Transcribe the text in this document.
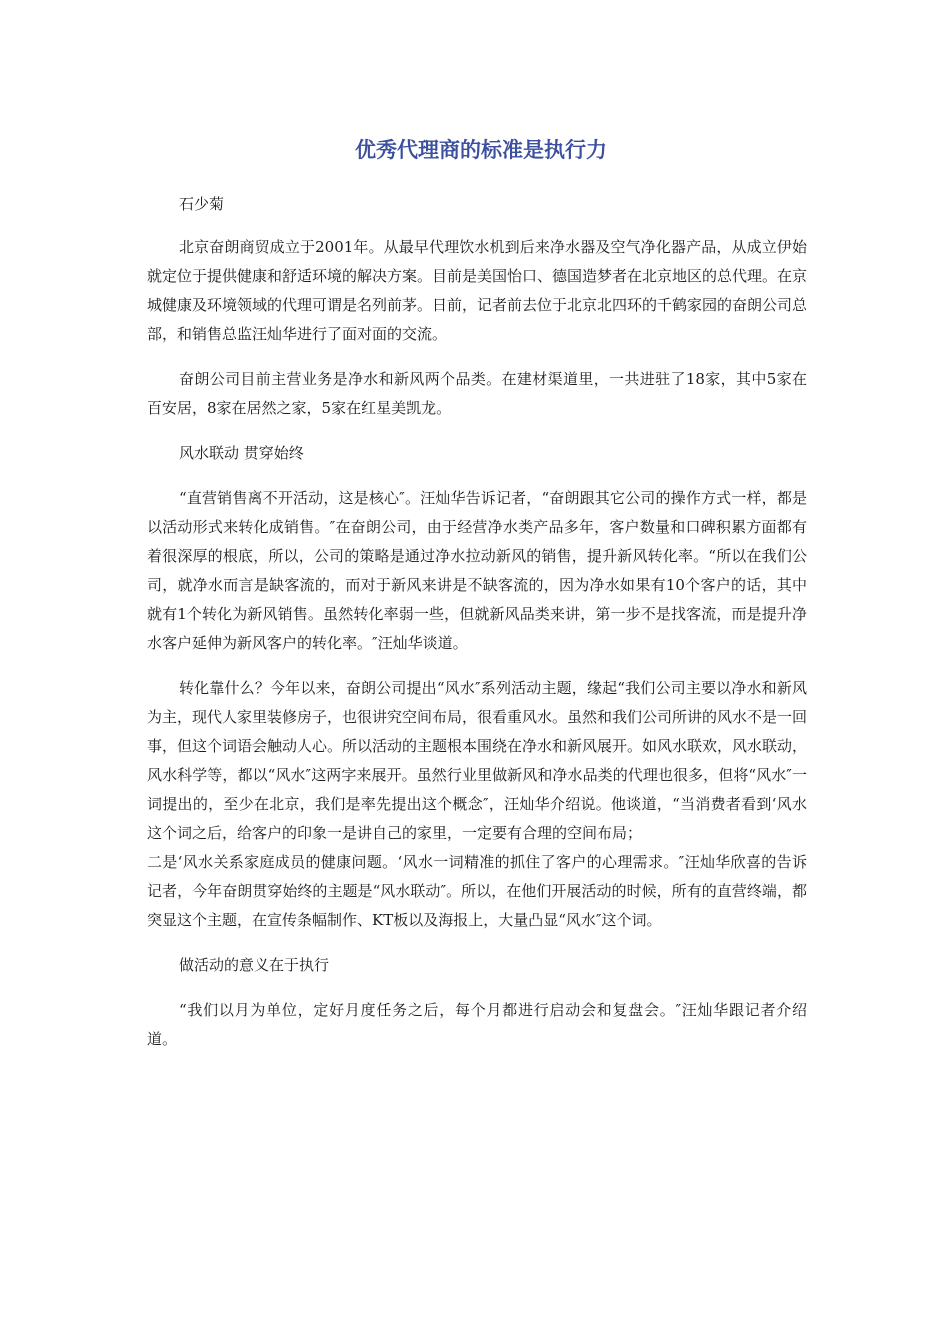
优秀代理商的标准是执行力

石少菊

北京奋朗商贸成立于2001年。从最早代理饮水机到后来净水器及空气净化器产品，从成立伊始就定位于提供健康和舒适环境的解决方案。目前是美国怡口、德国造梦者在北京地区的总代理。在京城健康及环境领域的代理可谓是名列前茅。日前，记者前去位于北京北四环的千鹤家园的奋朗公司总部，和销售总监汪灿华进行了面对面的交流。

奋朗公司目前主营业务是净水和新风两个品类。在建材渠道里，一共进驻了18家，其中5家在百安居，8家在居然之家，5家在红星美凯龙。

风水联动 贯穿始终

“直营销售离不开活动，这是核心″。汪灿华告诉记者，“奋朗跟其它公司的操作方式一样，都是以活动形式来转化成销售。″在奋朗公司，由于经营净水类产品多年，客户数量和口碑积累方面都有着很深厚的根底，所以，公司的策略是通过净水拉动新风的销售，提升新风转化率。“所以在我们公司，就净水而言是缺客流的，而对于新风来讲是不缺客流的，因为净水如果有10个客户的话，其中就有1个转化为新风销售。虽然转化率弱一些，但就新风品类来讲，第一步不是找客流，而是提升净水客户延伸为新风客户的转化率。″汪灿华谈道。

转化靠什么？今年以来，奋朗公司提出“风水″系列活动主题，缘起“我们公司主要以净水和新风为主，现代人家里装修房子，也很讲究空间布局，很看重风水。虽然和我们公司所讲的风水不是一回事，但这个词语会触动人心。所以活动的主题根本围绕在净水和新风展开。如风水联欢，风水联动，风水科学等，都以“风水″这两字来展开。虽然行业里做新风和净水品类的代理也很多，但将“风水″一词提出的，至少在北京，我们是率先提出这个概念″，汪灿华介绍说。他谈道，“当消费者看到‘风水这个词之后，给客户的印象一是讲自己的家里，一定要有合理的空间布局；

二是‘风水关系家庭成员的健康问题。‘风水一词精准的抓住了客户的心理需求。″汪灿华欣喜的告诉记者，今年奋朗贯穿始终的主题是“风水联动″。所以，在他们开展活动的时候，所有的直营终端，都突显这个主题，在宣传条幅制作、KT板以及海报上，大量凸显“风水″这个词。

做活动的意义在于执行

“我们以月为单位，定好月度任务之后，每个月都进行启动会和复盘会。″汪灿华跟记者介绍道。
